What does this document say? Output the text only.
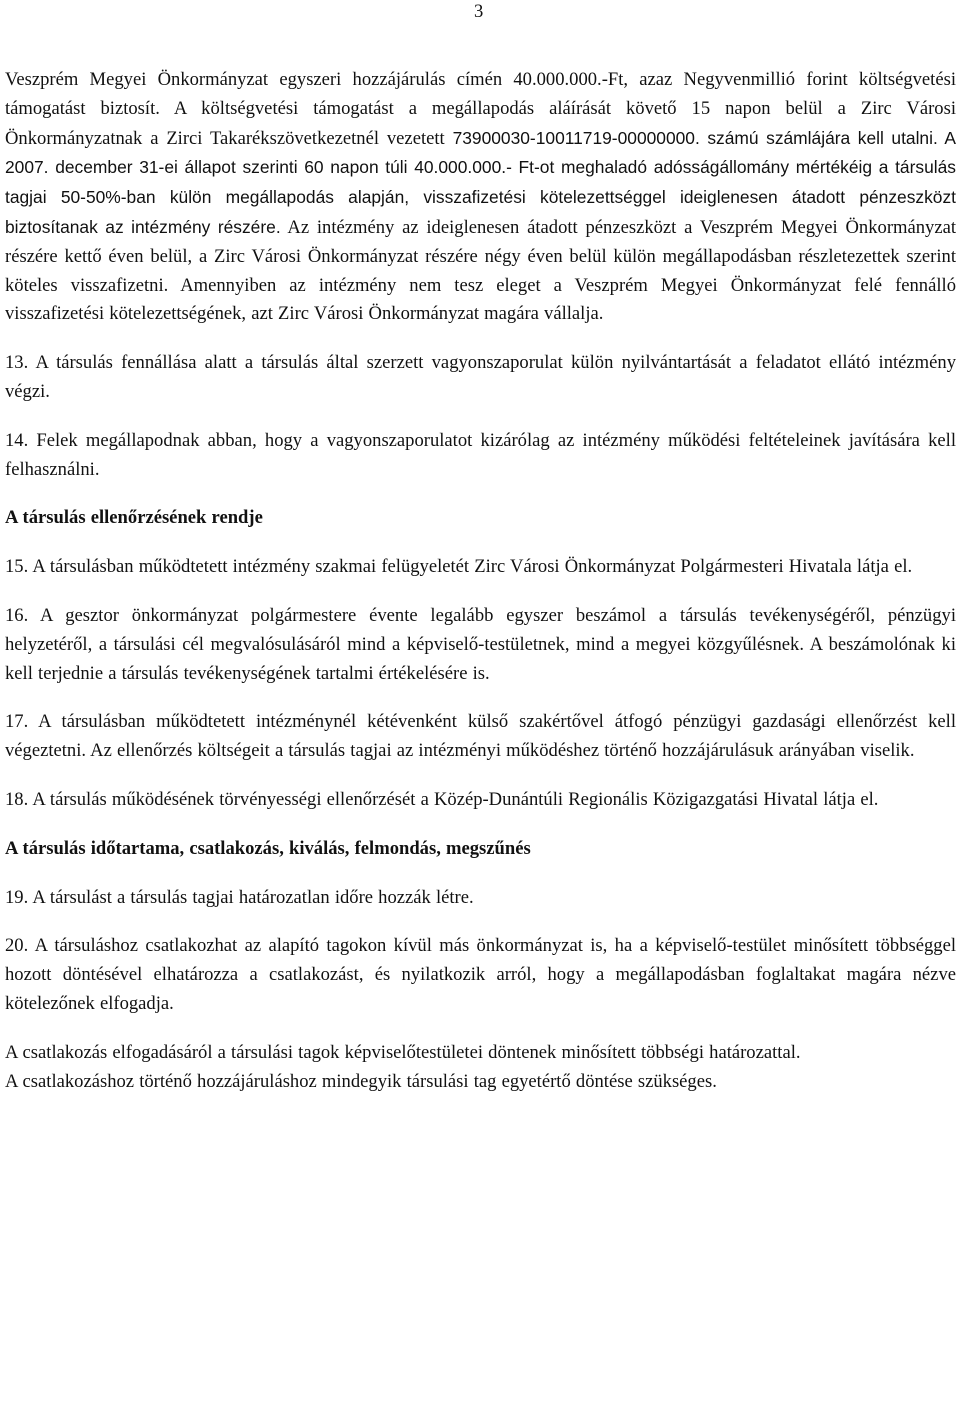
3

Veszprém Megyei Önkormányzat egyszeri hozzájárulás címén 40.000.000.-Ft, azaz Negyvenmillió forint költségvetési támogatást biztosít. A költségvetési támogatást a megállapodás aláírását követő 15 napon belül a Zirc Városi Önkormányzatnak a Zirci Takarékszövetkezetnél vezetett 73900030-10011719-00000000. számú számlájára kell utalni. A 2007. december 31-ei állapot szerinti 60 napon túli 40.000.000.- Ft-ot meghaladó adósságállomány mértékéig a társulás tagjai 50-50%-ban külön megállapodás alapján, visszafizetési kötelezettséggel ideiglenesen átadott pénzeszközt biztosítanak az intézmény részére. Az intézmény az ideiglenesen átadott pénzeszközt a Veszprém Megyei Önkormányzat részére kettő éven belül, a Zirc Városi Önkormányzat részére négy éven belül külön megállapodásban részletezettek szerint köteles visszafizetni. Amennyiben az intézmény nem tesz eleget a Veszprém Megyei Önkormányzat felé fennálló visszafizetési kötelezettségének, azt Zirc Városi Önkormányzat magára vállalja.

13. A társulás fennállása alatt a társulás által szerzett vagyonszaporulat külön nyilvántartását a feladatot ellátó intézmény végzi.

14. Felek megállapodnak abban, hogy a vagyonszaporulatot kizárólag az intézmény működési feltételeinek javítására kell felhasználni.

A társulás ellenőrzésének rendje

15. A társulásban működtetett intézmény szakmai felügyeletét Zirc Városi Önkormányzat Polgármesteri Hivatala látja el.

16. A gesztor önkormányzat polgármestere évente legalább egyszer beszámol a társulás tevékenységéről, pénzügyi helyzetéről, a társulási cél megvalósulásáról mind a képviselő-testületnek, mind a megyei közgyűlésnek. A beszámolónak ki kell terjednie a társulás tevékenységének tartalmi értékelésére is.

17. A társulásban működtetett intézménynél kétévenként külső szakértővel átfogó pénzügyi gazdasági ellenőrzést kell végeztetni. Az ellenőrzés költségeit a társulás tagjai az intézményi működéshez történő hozzájárulásuk arányában viselik.

18. A társulás működésének törvényességi ellenőrzését a Közép-Dunántúli Regionális Közigazgatási Hivatal látja el.

A társulás időtartama, csatlakozás, kiválás, felmondás, megszűnés

19. A társulást a társulás tagjai határozatlan időre hozzák létre.

20. A társuláshoz csatlakozhat az alapító tagokon kívül más önkormányzat is, ha a képviselő-testület minősített többséggel hozott döntésével elhatározza a csatlakozást, és nyilatkozik arról, hogy a megállapodásban foglaltakat magára nézve kötelezőnek elfogadja.

A csatlakozás elfogadásáról a társulási tagok képviselőtestületei döntenek minősített többségi határozattal.

A csatlakozáshoz történő hozzájáruláshoz mindegyik társulási tag egyetértő döntése szükséges.
